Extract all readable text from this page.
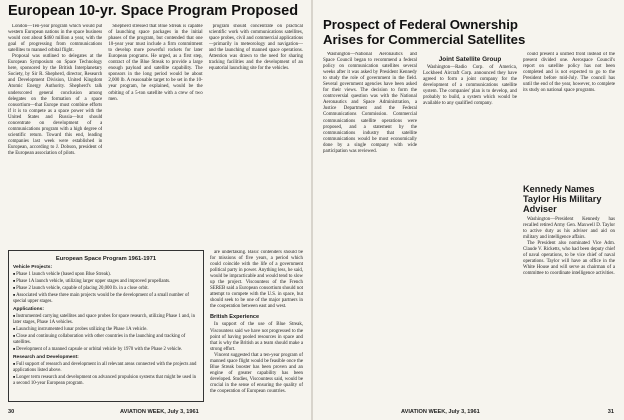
European 10-yr. Space Program Proposed

London—Ten-year program which would put western European nations in the space business would cost about $460 million a year, with the goal of progressing from communications satellites to manned orbital flight.

Proposal was outlined to delegates at the European Symposium on Space Technology here, sponsored by the British Interplanetary Society, by Sir R. Shepherd, director, Research and Development Division, United Kingdom Atomic Energy Authority. Shepherd's talk underscored general conclusion among delegates on the formation of a space consortium—that Europe must combine efforts if it is to compete as a space power with the United States and Russia—but should concentrate on development of a communications program with a high degree of scientific return. Toward this end, leading companies last week were established in European, according to J. Dobson, president of the European association of pilots.

Shepherd stressed that Blue Streak is capable of launching space packages in the initial phases of the program, but contended that one 10-year year must include a firm commitment to develop more powerful rockets for later European programs. He urged, as a first step, contract of the Blue Streak to provide a large enough payload and satellite capability. The sponsors in the long period would be about 2,000 lb. A reasonable target to be set in the 10-year program, he explained, would be the orbiting of a 5-ton satellite with a crew of two men.

program should concentrate on practical scientific work with communications satellites, space probes, civil and commercial applications—primarily in meteorology and navigation—and the launching of manned space operations. Attention was drawn to the need for sharing tracking facilities and the development of an equatorial launching site for the vehicles.

European Space Program 1961-1971
Vehicle Projects:

■ Phase 1 launch vehicle (based upon Blue Streak).

■ Phase 1A launch vehicle, utilizing larger upper stages and improved propellants.

■ Phase 2 launch vehicle, capable of placing 20,000 lb. in a close orbit.

■ Associated with these three main projects would be the development of a small number of special upper stages.

Applications:

■ Instrumented carrying satellites and space probes for space research, utilizing Phase 1 and, in later stages, Phase 1A vehicles.

■ Launching instrumented lunar probes utilizing the Phase 1A vehicle.

■ Close and continuing collaboration with other countries in the launching and tracking of satellites.

■ Development of a manned capsule or orbital vehicle by 1970 with the Phase 2 vehicle.

Research and Development:

■ Full support of research and development in all relevant areas connected with the projects and applications listed above.

■ Longer term research and development on advanced propulsion systems that might be used in a second 10-year European program.

are undertaking. Basic contenders should be for missions of five years, a period which could coincide with the life of a government political party in power. Anything less, he said, would be impracticable and would tend to slow up the project. Viscountess of the French SEREB said a European consortium should not attempt to compete with the U.S. in space, but should seek to be one of the major partners in the cooperation between east and west.

British Experience

In support of the use of Blue Streak, Viscountess said we have not progressed to the point of having pooled resources in space and that is why the British as a team should make a strong effort.

Vincent suggested that a ten-year program of manned space flight would be feasible once the Blue Streak booster has been proven and an engine of greater capability has been developed. Studies, Viscountess said, would be crucial in the sense of ensuring the quality of the cooperation of European countries.

30	AVIATION WEEK, July 3, 1961
Prospect of Federal Ownership
Arises for Commercial Satellites

Washington—National Aeronautics and Space Council began to recommend a federal policy on communication satellites several weeks after it was asked by President Kennedy to study the role of government in the field. Several government agencies have been asked for their views. The decision to form the controversial question was with the National Aeronautics and Space Administration, a Justice Department and the Federal Communications Commission. Commercial communications satellite operations were proposed, and a statement by the communications industry that satellite communications would be most economically done by a single company with wide participation was reviewed.

Joint Satellite Group

Washington—Radio Corp. of America, Lockheed Aircraft Corp. announced they have agreed to form a joint company for the development of a communications satellite system. The companies' plan is to develop, and probably to build, a system which would be available to any qualified company.

could present a unified front instead of the present divided one. Aerospace Council's report on satellite policy has not been completed and is not expected to go to the President before mid-July. The council has until the end of the year, however, to complete its study on national space programs.

Kennedy Names Taylor His Military Adviser

Washington—President Kennedy has recalled retired Army Gen. Maxwell D. Taylor to active duty as his adviser and aid on military and intelligence affairs.

The President also nominated Vice Adm. Claude V. Ricketts, who had been deputy chief of naval operations, to be vice chief of naval operations. Taylor will have an office in the White House and will serve as chairman of a committee to coordinate intelligence activities.

AVIATION WEEK, July 3, 1961	31
